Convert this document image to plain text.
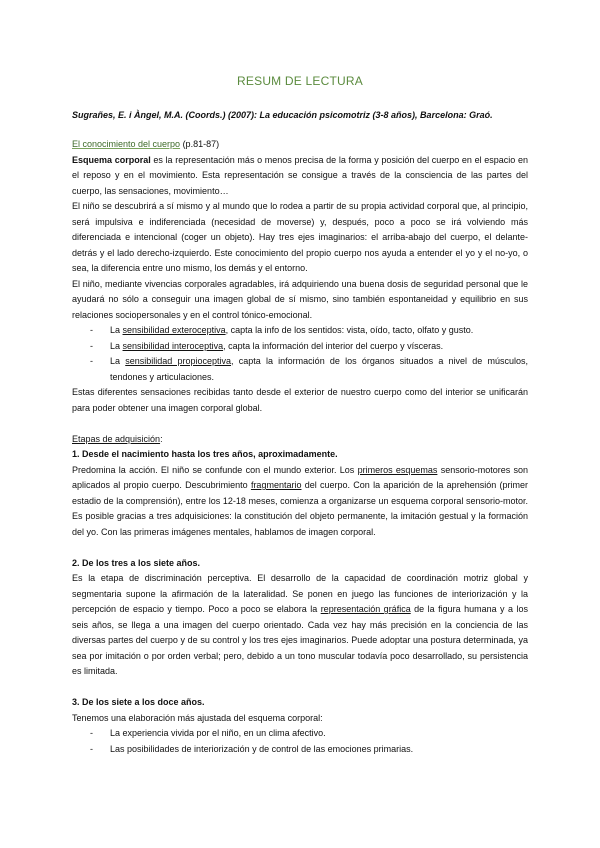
RESUM DE LECTURA
Sugrañes, E. i Àngel, M.A. (Coords.) (2007): La educación psicomotriz (3-8 años), Barcelona: Graó.

El conocimiento del cuerpo (p.81-87)

Esquema corporal es la representación más o menos precisa de la forma y posición del cuerpo en el espacio en el reposo y en el movimiento. Esta representación se consigue a través de la consciencia de las partes del cuerpo, las sensaciones, movimiento…

El niño se descubrirá a sí mismo y al mundo que lo rodea a partir de su propia actividad corporal que, al principio, será impulsiva e indiferenciada (necesidad de moverse) y, después, poco a poco se irá volviendo más diferenciada e intencional (coger un objeto). Hay tres ejes imaginarios: el arriba-abajo del cuerpo, el delante-detrás y el lado derecho-izquierdo. Este conocimiento del propio cuerpo nos ayuda a entender el yo y el no-yo, o sea, la diferencia entre uno mismo, los demás y el entorno.

El niño, mediante vivencias corporales agradables, irá adquiriendo una buena dosis de seguridad personal que le ayudará no sólo a conseguir una imagen global de sí mismo, sino también espontaneidad y equilibrio en sus relaciones sociopersonales y en el control tónico-emocional.

- La sensibilidad exteroceptiva, capta la info de los sentidos: vista, oído, tacto, olfato y gusto.
- La sensibilidad interoceptiva, capta la información del interior del cuerpo y vísceras.
- La sensibilidad propioceptiva, capta la información de los órganos situados a nivel de músculos, tendones y articulaciones.

Estas diferentes sensaciones recibidas tanto desde el exterior de nuestro cuerpo como del interior se unificarán para poder obtener una imagen corporal global.

Etapas de adquisición:

1. Desde el nacimiento hasta los tres años, aproximadamente.

Predomina la acción. El niño se confunde con el mundo exterior. Los primeros esquemas sensorio-motores son aplicados al propio cuerpo. Descubrimiento fragmentario del cuerpo. Con la aparición de la aprehensión (primer estadio de la comprensión), entre los 12-18 meses, comienza a organizarse un esquema corporal sensorio-motor. Es posible gracias a tres adquisiciones: la constitución del objeto permanente, la imitación gestual y la formación del yo. Con las primeras imágenes mentales, hablamos de imagen corporal.

2. De los tres a los siete años.

Es la etapa de discriminación perceptiva. El desarrollo de la capacidad de coordinación motriz global y segmentaria supone la afirmación de la lateralidad. Se ponen en juego las funciones de interiorización y la percepción de espacio y tiempo. Poco a poco se elabora la representación gráfica de la figura humana y a los seis años, se llega a una imagen del cuerpo orientado. Cada vez hay más precisión en la conciencia de las diversas partes del cuerpo y de su control y los tres ejes imaginarios. Puede adoptar una postura determinada, ya sea por imitación o por orden verbal; pero, debido a un tono muscular todavía poco desarrollado, su persistencia es limitada.

3. De los siete a los doce años.

Tenemos una elaboración más ajustada del esquema corporal:

- La experiencia vivida por el niño, en un clima afectivo.
- Las posibilidades de interiorización y de control de las emociones primarias.
